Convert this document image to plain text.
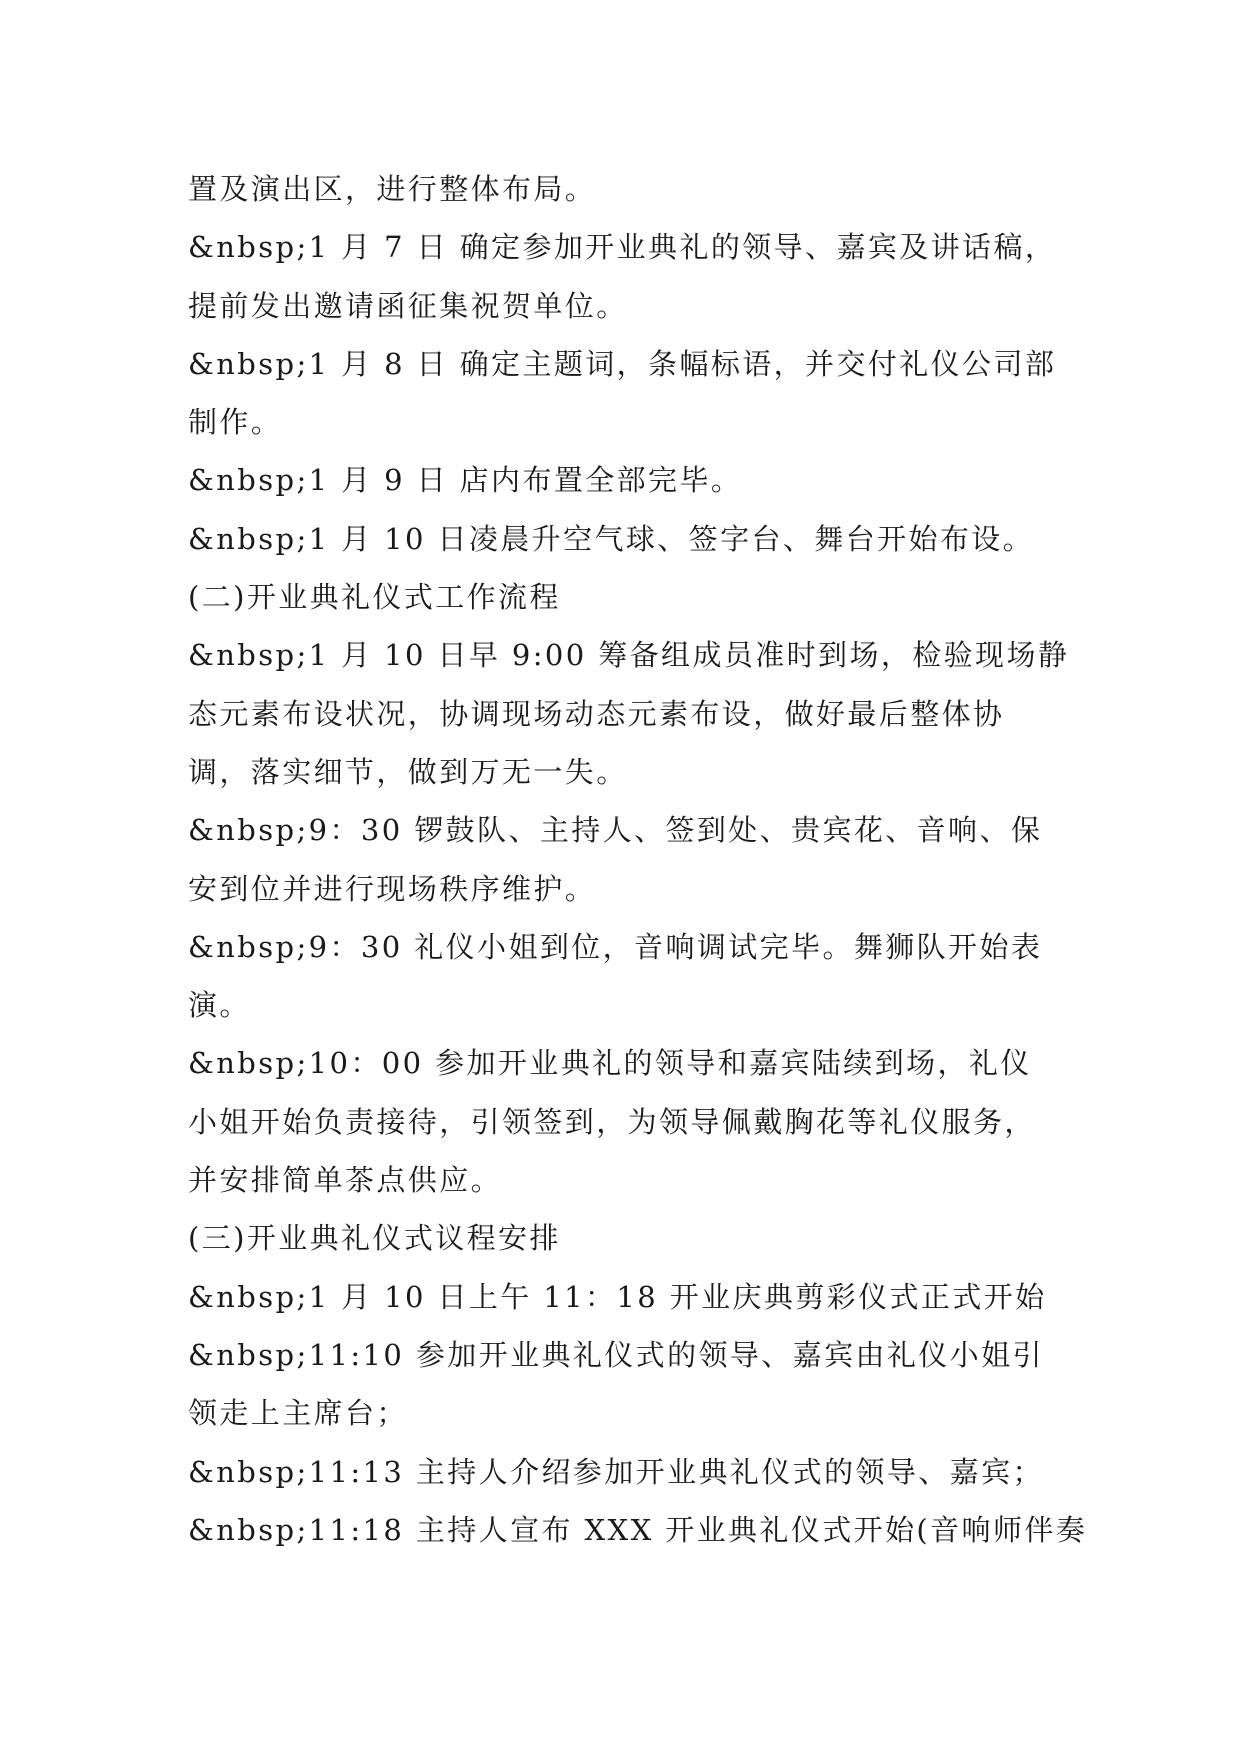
置及演出区，进行整体布局。
&nbsp;1 月 7 日 确定参加开业典礼的领导、嘉宾及讲话稿，
提前发出邀请函征集祝贺单位。
&nbsp;1 月 8 日 确定主题词，条幅标语，并交付礼仪公司部
制作。
&nbsp;1 月 9 日 店内布置全部完毕。
&nbsp;1 月 10 日凌晨升空气球、签字台、舞台开始布设。
(二)开业典礼仪式工作流程
&nbsp;1 月 10 日早 9:00 筹备组成员准时到场，检验现场静
态元素布设状况，协调现场动态元素布设，做好最后整体协
调，落实细节，做到万无一失。
&nbsp;9：30 锣鼓队、主持人、签到处、贵宾花、音响、保
安到位并进行现场秩序维护。
&nbsp;9：30 礼仪小姐到位，音响调试完毕。舞狮队开始表
演。
&nbsp;10：00 参加开业典礼的领导和嘉宾陆续到场，礼仪
小姐开始负责接待，引领签到，为领导佩戴胸花等礼仪服务，
并安排简单茶点供应。
(三)开业典礼仪式议程安排
&nbsp;1 月 10 日上午 11：18 开业庆典剪彩仪式正式开始
&nbsp;11:10 参加开业典礼仪式的领导、嘉宾由礼仪小姐引
领走上主席台；
&nbsp;11:13 主持人介绍参加开业典礼仪式的领导、嘉宾；
&nbsp;11:18 主持人宣布 XXX 开业典礼仪式开始(音响师伴奏
